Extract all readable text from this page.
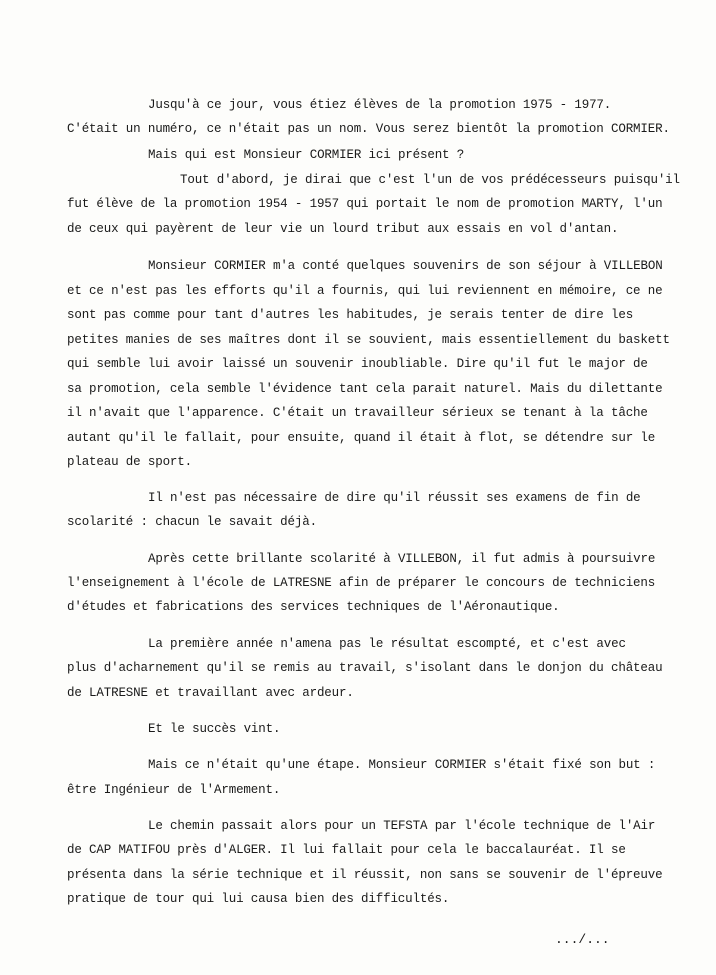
Jusqu'à ce jour, vous étiez élèves de la promotion 1975 - 1977.
C'était un numéro, ce n'était pas un nom. Vous serez bientôt la promotion CORMIER.
Mais qui est Monsieur CORMIER ici présent ?
Tout d'abord, je dirai que c'est l'un de vos prédécesseurs puisqu'il
fut élève de la promotion 1954 - 1957 qui portait le nom de promotion MARTY, l'un
de ceux qui payèrent de leur vie un lourd tribut aux essais en vol d'antan.
Monsieur CORMIER m'a conté quelques souvenirs de son séjour à VILLEBON
et ce n'est pas les efforts qu'il a fournis, qui lui reviennent en mémoire, ce ne
sont pas comme pour tant d'autres les habitudes, je serais tenter de dire les
petites manies de ses maîtres dont il se souvient, mais essentiellement du baskett
qui semble lui avoir laissé un souvenir inoubliable. Dire qu'il fut le major de
sa promotion, cela semble l'évidence tant cela parait naturel. Mais du dilettante
il n'avait que l'apparence. C'était un travailleur sérieux se tenant à la tâche
autant qu'il le fallait, pour ensuite, quand il était à flot, se détendre sur le
plateau de sport.
Il n'est pas nécessaire de dire qu'il réussit ses examens de fin de
scolarité : chacun le savait déjà.
Après cette brillante scolarité à VILLEBON, il fut admis à poursuivre
l'enseignement à l'école de LATRESNE afin de préparer le concours de techniciens
d'études et fabrications des services techniques de l'Aéronautique.
La première année n'amena pas le résultat escompté, et c'est avec
plus d'acharnement qu'il se remis au travail, s'isolant dans le donjon du château
de LATRESNE et travaillant avec ardeur.
Et le succès vint.
Mais ce n'était qu'une étape. Monsieur CORMIER s'était fixé son but :
être Ingénieur de l'Armement.
Le chemin passait alors pour un TEFSTA par l'école technique de l'Air
de CAP MATIFOU près d'ALGER. Il lui fallait pour cela le baccalauréat. Il se
présenta dans la série technique et il réussit, non sans se souvenir de l'épreuve
pratique de tour qui lui causa bien des difficultés.
.../...
